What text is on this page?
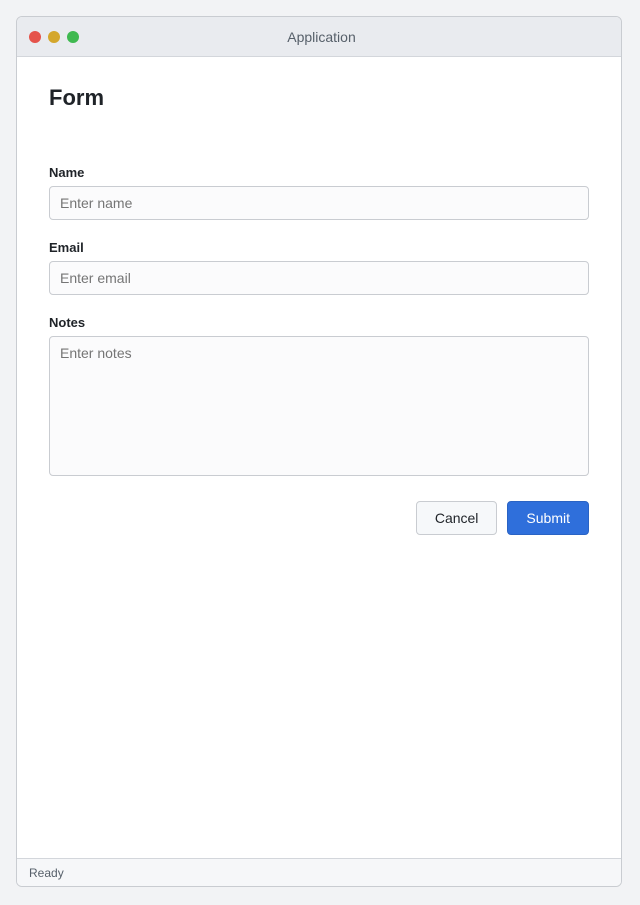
Application
Form

Name
Enter name
Email
Enter email
Notes
Enter notes
Cancel	Submit
Ready
